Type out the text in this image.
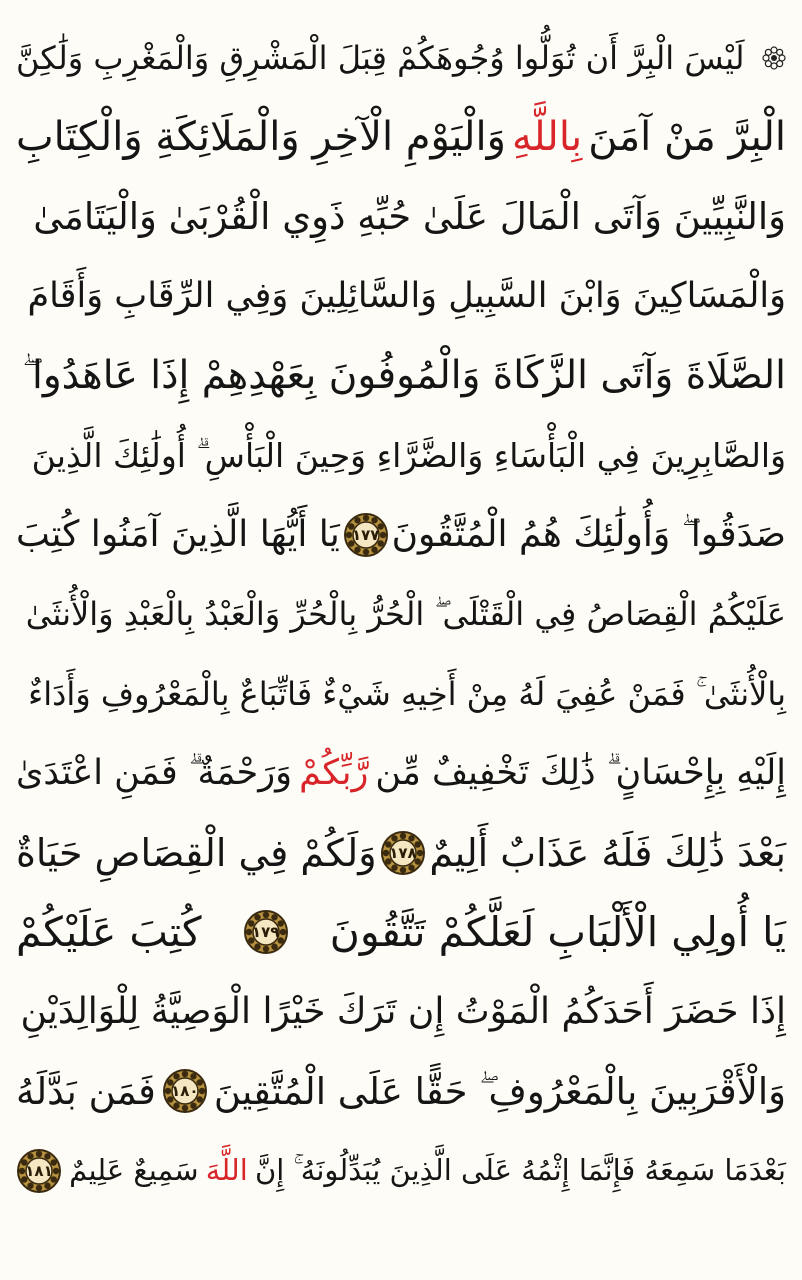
لَيْسَ الْبِرَّ أَن تُوَلُّوا وُجُوهَكُمْ قِبَلَ الْمَشْرِقِ وَالْمَغْرِبِ وَلَٰكِنَّ
الْبِرَّ مَنْ آمَنَ
بِاللَّهِ
وَالْيَوْمِ الْآخِرِ وَالْمَلَائِكَةِ وَالْكِتَابِ
وَالنَّبِيِّينَ وَآتَى الْمَالَ عَلَىٰ حُبِّهِ ذَوِي الْقُرْبَىٰ وَالْيَتَامَىٰ
وَالْمَسَاكِينَ وَابْنَ السَّبِيلِ وَالسَّائِلِينَ وَفِي الرِّقَابِ وَأَقَامَ
الصَّلَاةَ وَآتَى الزَّكَاةَ وَالْمُوفُونَ بِعَهْدِهِمْ إِذَا عَاهَدُوا ۖ
وَالصَّابِرِينَ فِي الْبَأْسَاءِ وَالضَّرَّاءِ وَحِينَ الْبَأْسِ ۗ أُولَٰئِكَ الَّذِينَ
صَدَقُوا ۖ وَأُولَٰئِكَ هُمُ الْمُتَّقُونَ
١٧٧
يَا أَيُّهَا الَّذِينَ آمَنُوا كُتِبَ
عَلَيْكُمُ الْقِصَاصُ فِي الْقَتْلَى ۖ الْحُرُّ بِالْحُرِّ وَالْعَبْدُ بِالْعَبْدِ وَالْأُنثَىٰ
بِالْأُنثَىٰ ۚ فَمَنْ عُفِيَ لَهُ مِنْ أَخِيهِ شَيْءٌ فَاتِّبَاعٌ بِالْمَعْرُوفِ وَأَدَاءٌ
إِلَيْهِ بِإِحْسَانٍ ۗ ذَٰلِكَ تَخْفِيفٌ مِّن
رَّبِّكُمْ
وَرَحْمَةٌ ۗ فَمَنِ اعْتَدَىٰ
بَعْدَ ذَٰلِكَ فَلَهُ عَذَابٌ أَلِيمٌ
١٧٨
وَلَكُمْ فِي الْقِصَاصِ حَيَاةٌ
يَا أُولِي الْأَلْبَابِ لَعَلَّكُمْ تَتَّقُونَ
١٧٩
كُتِبَ عَلَيْكُمْ
إِذَا حَضَرَ أَحَدَكُمُ الْمَوْتُ إِن تَرَكَ خَيْرًا الْوَصِيَّةُ لِلْوَالِدَيْنِ
وَالْأَقْرَبِينَ بِالْمَعْرُوفِ ۖ حَقًّا عَلَى الْمُتَّقِينَ
١٨٠
فَمَن بَدَّلَهُ
بَعْدَمَا سَمِعَهُ فَإِنَّمَا إِثْمُهُ عَلَى الَّذِينَ يُبَدِّلُونَهُ ۚ إِنَّ
اللَّهَ
سَمِيعٌ عَلِيمٌ
١٨١
